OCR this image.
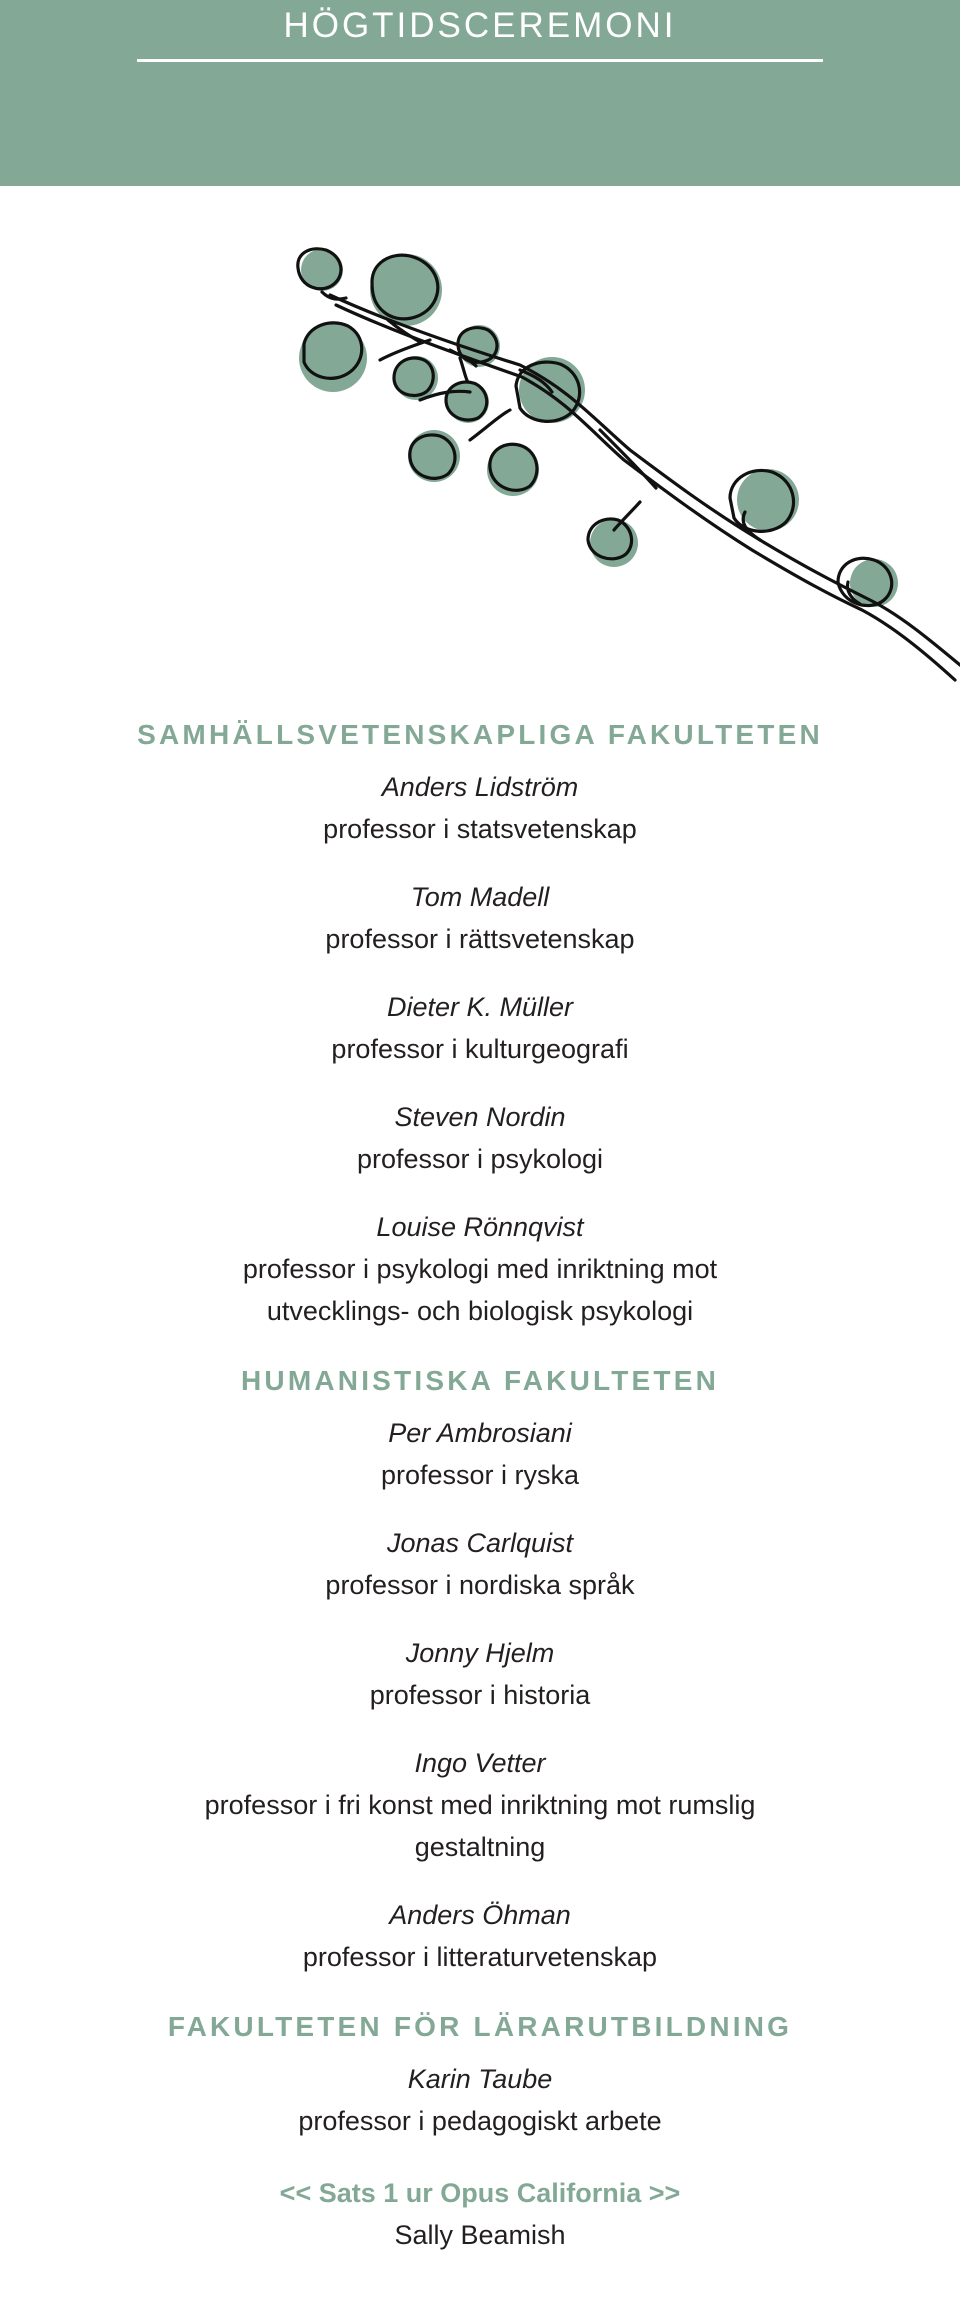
HÖGTIDSCEREMONI
SAMHÄLLSVETENSKAPLIGA FAKULTETEN
Anders Lidström
professor i statsvetenskap
Tom Madell
professor i rättsvetenskap
Dieter K. Müller
professor i kulturgeografi
Steven Nordin
professor i psykologi
Louise Rönnqvist
professor i psykologi med inriktning mot utvecklings- och biologisk psykologi
HUMANISTISKA FAKULTETEN
Per Ambrosiani
professor i ryska
Jonas Carlquist
professor i nordiska språk
Jonny Hjelm
professor i historia
Ingo Vetter
professor i fri konst med inriktning mot rumslig gestaltning
Anders Öhman
professor i litteraturvetenskap
FAKULTETEN FÖR LÄRARUTBILDNING
Karin Taube
professor i pedagogiskt arbete
<< Sats 1 ur Opus California >>
Sally Beamish
